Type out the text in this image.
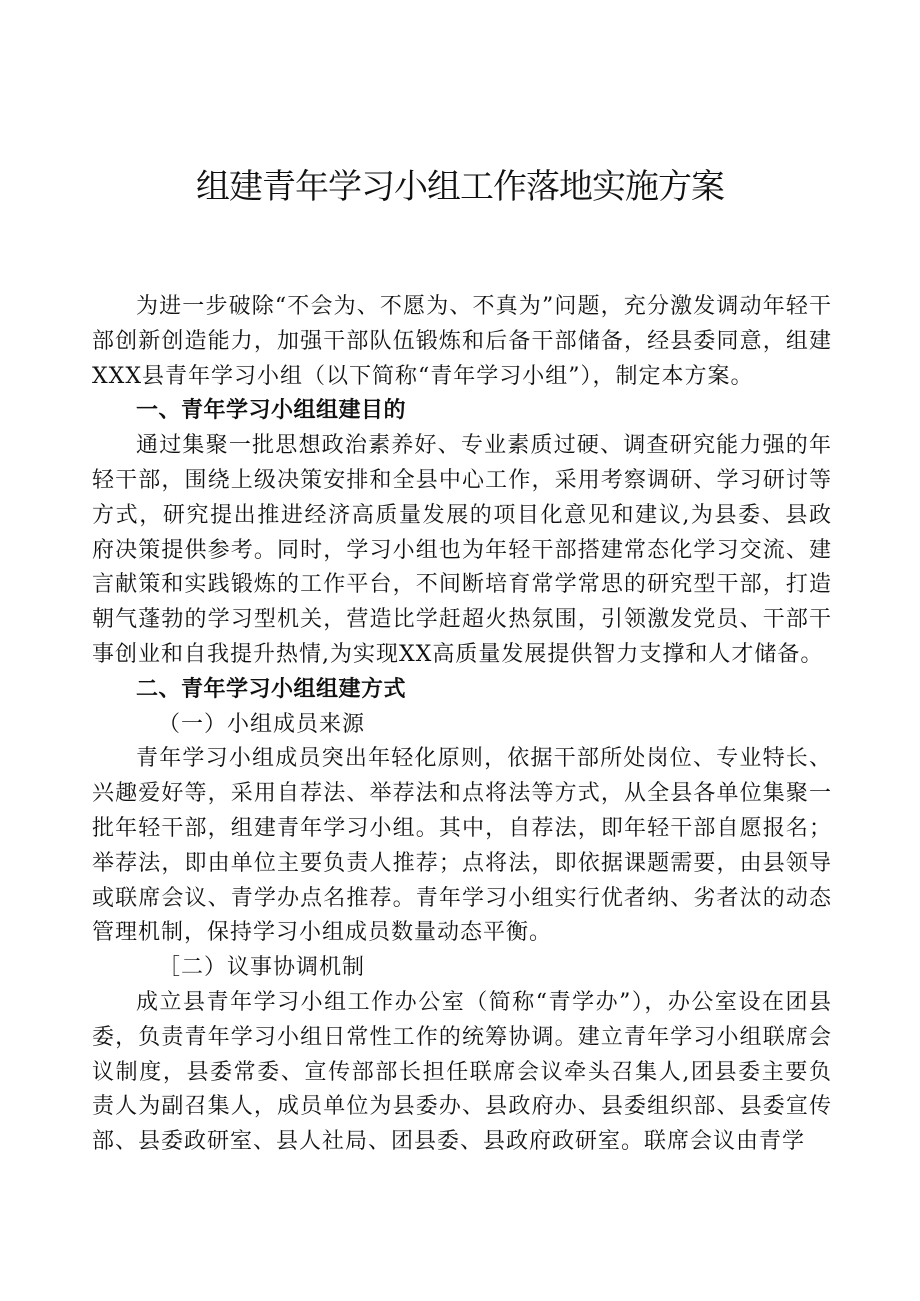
组建青年学习小组工作落地实施方案

为进一步破除“不会为、不愿为、不真为”问题，充分激发调动年轻干部创新创造能力，加强干部队伍锻炼和后备干部储备，经县委同意，组建XXX县青年学习小组（以下简称“青年学习小组”），制定本方案。

一、青年学习小组组建目的

通过集聚一批思想政治素养好、专业素质过硬、调查研究能力强的年轻干部，围绕上级决策安排和全县中心工作，采用考察调研、学习研讨等方式，研究提出推进经济高质量发展的项目化意见和建议,为县委、县政府决策提供参考。同时，学习小组也为年轻干部搭建常态化学习交流、建言献策和实践锻炼的工作平台，不间断培育常学常思的研究型干部，打造朝气蓬勃的学习型机关，营造比学赶超火热氛围，引领激发党员、干部干事创业和自我提升热情,为实现XX高质量发展提供智力支撑和人才储备。

二、青年学习小组组建方式

（一）小组成员来源

青年学习小组成员突出年轻化原则，依据干部所处岗位、专业特长、兴趣爱好等，采用自荐法、举荐法和点将法等方式，从全县各单位集聚一批年轻干部，组建青年学习小组。其中，自荐法，即年轻干部自愿报名；举荐法，即由单位主要负责人推荐；点将法，即依据课题需要，由县领导或联席会议、青学办点名推荐。青年学习小组实行优者纳、劣者汰的动态管理机制，保持学习小组成员数量动态平衡。

［二）议事协调机制

成立县青年学习小组工作办公室（简称“青学办”），办公室设在团县委，负责青年学习小组日常性工作的统筹协调。建立青年学习小组联席会议制度，县委常委、宣传部部长担任联席会议牵头召集人,团县委主要负责人为副召集人，成员单位为县委办、县政府办、县委组织部、县委宣传部、县委政研室、县人社局、团县委、县政府政研室。联席会议由青学
